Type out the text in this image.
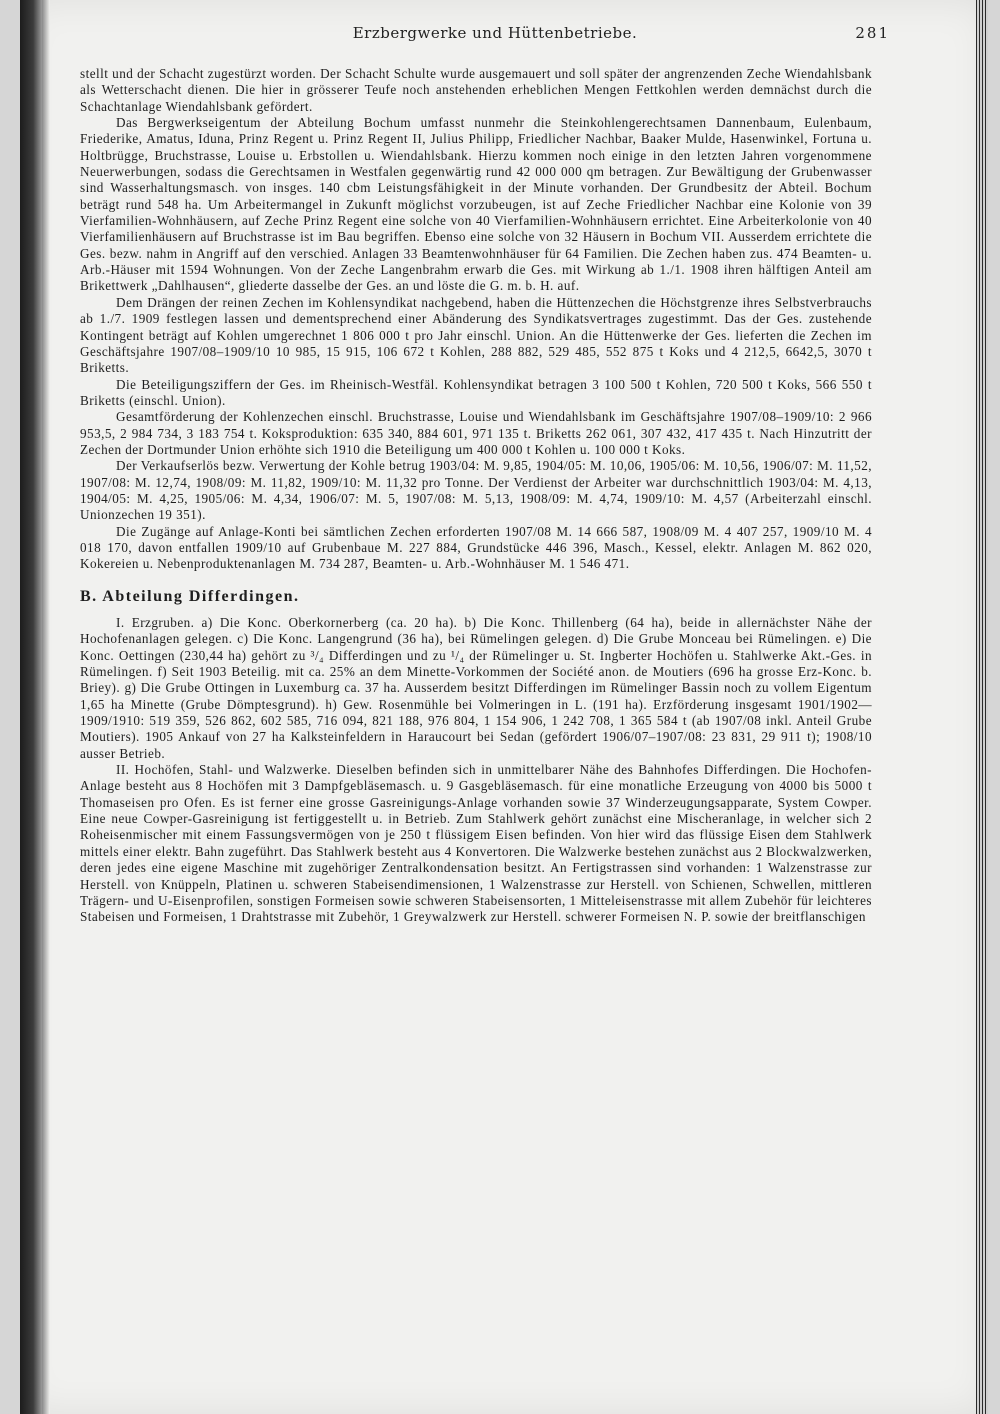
Erzbergwerke und Hüttenbetriebe.	281

stellt und der Schacht zugestürzt worden. Der Schacht Schulte wurde ausgemauert und soll später der angrenzenden Zeche Wiendahlsbank als Wetterschacht dienen. Die hier in grösserer Teufe noch anstehenden erheblichen Mengen Fettkohlen werden demnächst durch die Schachtanlage Wiendahlsbank gefördert.

Das Bergwerkseigentum der Abteilung Bochum umfasst nunmehr die Steinkohlengerechtsamen Dannenbaum, Eulenbaum, Friederike, Amatus, Iduna, Prinz Regent u. Prinz Regent II, Julius Philipp, Friedlicher Nachbar, Baaker Mulde, Hasenwinkel, Fortuna u. Holtbrügge, Bruchstrasse, Louise u. Erbstollen u. Wiendahlsbank. Hierzu kommen noch einige in den letzten Jahren vorgenommene Neuerwerbungen, sodass die Gerechtsamen in Westfalen gegenwärtig rund 42 000 000 qm betragen. Zur Bewältigung der Grubenwasser sind Wasserhaltungsmasch. von insges. 140 cbm Leistungsfähigkeit in der Minute vorhanden. Der Grundbesitz der Abteil. Bochum beträgt rund 548 ha. Um Arbeitermangel in Zukunft möglichst vorzubeugen, ist auf Zeche Friedlicher Nachbar eine Kolonie von 39 Vierfamilien-Wohnhäusern, auf Zeche Prinz Regent eine solche von 40 Vierfamilien-Wohnhäusern errichtet. Eine Arbeiterkolonie von 40 Vierfamilienhäusern auf Bruchstrasse ist im Bau begriffen. Ebenso eine solche von 32 Häusern in Bochum VII. Ausserdem errichtete die Ges. bezw. nahm in Angriff auf den verschied. Anlagen 33 Beamtenwohnhäuser für 64 Familien. Die Zechen haben zus. 474 Beamten- u. Arb.-Häuser mit 1594 Wohnungen. Von der Zeche Langenbrahm erwarb die Ges. mit Wirkung ab 1./1. 1908 ihren hälftigen Anteil am Brikettwerk „Dahlhausen“, gliederte dasselbe der Ges. an und löste die G. m. b. H. auf.

Dem Drängen der reinen Zechen im Kohlensyndikat nachgebend, haben die Hüttenzechen die Höchstgrenze ihres Selbstverbrauchs ab 1./7. 1909 festlegen lassen und dementsprechend einer Abänderung des Syndikatsvertrages zugestimmt. Das der Ges. zustehende Kontingent beträgt auf Kohlen umgerechnet 1 806 000 t pro Jahr einschl. Union. An die Hüttenwerke der Ges. lieferten die Zechen im Geschäftsjahre 1907/08–1909/10 10 985, 15 915, 106 672 t Kohlen, 288 882, 529 485, 552 875 t Koks und 4 212,5, 6642,5, 3070 t Briketts.

Die Beteiligungsziffern der Ges. im Rheinisch-Westfäl. Kohlensyndikat betragen 3 100 500 t Kohlen, 720 500 t Koks, 566 550 t Briketts (einschl. Union).

Gesamtförderung der Kohlenzechen einschl. Bruchstrasse, Louise und Wiendahlsbank im Geschäftsjahre 1907/08–1909/10: 2 966 953,5, 2 984 734, 3 183 754 t. Koksproduktion: 635 340, 884 601, 971 135 t. Briketts 262 061, 307 432, 417 435 t. Nach Hinzutritt der Zechen der Dortmunder Union erhöhte sich 1910 die Beteiligung um 400 000 t Kohlen u. 100 000 t Koks.

Der Verkaufserlös bezw. Verwertung der Kohle betrug 1903/04: M. 9,85, 1904/05: M. 10,06, 1905/06: M. 10,56, 1906/07: M. 11,52, 1907/08: M. 12,74, 1908/09: M. 11,82, 1909/10: M. 11,32 pro Tonne. Der Verdienst der Arbeiter war durchschnittlich 1903/04: M. 4,13, 1904/05: M. 4,25, 1905/06: M. 4,34, 1906/07: M. 5, 1907/08: M. 5,13, 1908/09: M. 4,74, 1909/10: M. 4,57 (Arbeiterzahl einschl. Unionzechen 19 351).

Die Zugänge auf Anlage-Konti bei sämtlichen Zechen erforderten 1907/08 M. 14 666 587, 1908/09 M. 4 407 257, 1909/10 M. 4 018 170, davon entfallen 1909/10 auf Grubenbaue M. 227 884, Grundstücke 446 396, Masch., Kessel, elektr. Anlagen M. 862 020, Kokereien u. Nebenproduktenanlagen M. 734 287, Beamten- u. Arb.-Wohnhäuser M. 1 546 471.

B. Abteilung Differdingen.

I. Erzgruben. a) Die Konc. Oberkornerberg (ca. 20 ha). b) Die Konc. Thillenberg (64 ha), beide in allernächster Nähe der Hochofenanlagen gelegen. c) Die Konc. Langengrund (36 ha), bei Rümelingen gelegen. d) Die Grube Monceau bei Rümelingen. e) Die Konc. Oettingen (230,44 ha) gehört zu ³/₄ Differdingen und zu ¹/₄ der Rümelinger u. St. Ingberter Hochöfen u. Stahlwerke Akt.-Ges. in Rümelingen. f) Seit 1903 Beteilig. mit ca. 25% an dem Minette-Vorkommen der Société anon. de Moutiers (696 ha grosse Erz-Konc. b. Briey). g) Die Grube Ottingen in Luxemburg ca. 37 ha. Ausserdem besitzt Differdingen im Rümelinger Bassin noch zu vollem Eigentum 1,65 ha Minette (Grube Dömptesgrund). h) Gew. Rosenmühle bei Volmeringen in L. (191 ha). Erzförderung insgesamt 1901/1902—1909/1910: 519 359, 526 862, 602 585, 716 094, 821 188, 976 804, 1 154 906, 1 242 708, 1 365 584 t (ab 1907/08 inkl. Anteil Grube Moutiers). 1905 Ankauf von 27 ha Kalksteinfeldern in Haraucourt bei Sedan (gefördert 1906/07–1907/08: 23 831, 29 911 t); 1908/10 ausser Betrieb.

II. Hochöfen, Stahl- und Walzwerke. Dieselben befinden sich in unmittelbarer Nähe des Bahnhofes Differdingen. Die Hochofen-Anlage besteht aus 8 Hochöfen mit 3 Dampfgebläsemasch. u. 9 Gasgebläsemasch. für eine monatliche Erzeugung von 4000 bis 5000 t Thomaseisen pro Ofen. Es ist ferner eine grosse Gasreinigungs-Anlage vorhanden sowie 37 Winderzeugungsapparate, System Cowper. Eine neue Cowper-Gasreinigung ist fertiggestellt u. in Betrieb. Zum Stahlwerk gehört zunächst eine Mischeranlage, in welcher sich 2 Roheisenmischer mit einem Fassungsvermögen von je 250 t flüssigem Eisen befinden. Von hier wird das flüssige Eisen dem Stahlwerk mittels einer elektr. Bahn zugeführt. Das Stahlwerk besteht aus 4 Konvertoren. Die Walzwerke bestehen zunächst aus 2 Blockwalzwerken, deren jedes eine eigene Maschine mit zugehöriger Zentralkondensation besitzt. An Fertigstrassen sind vorhanden: 1 Walzenstrasse zur Herstell. von Knüppeln, Platinen u. schweren Stabeisendimensionen, 1 Walzenstrasse zur Herstell. von Schienen, Schwellen, mittleren Trägern- und U-Eisenprofilen, sonstigen Formeisen sowie schweren Stabeisensorten, 1 Mitteleisenstrasse mit allem Zubehör für leichteres Stabeisen und Formeisen, 1 Drahtstrasse mit Zubehör, 1 Greywalzwerk zur Herstell. schwerer Formeisen N. P. sowie der breitflanschigen
